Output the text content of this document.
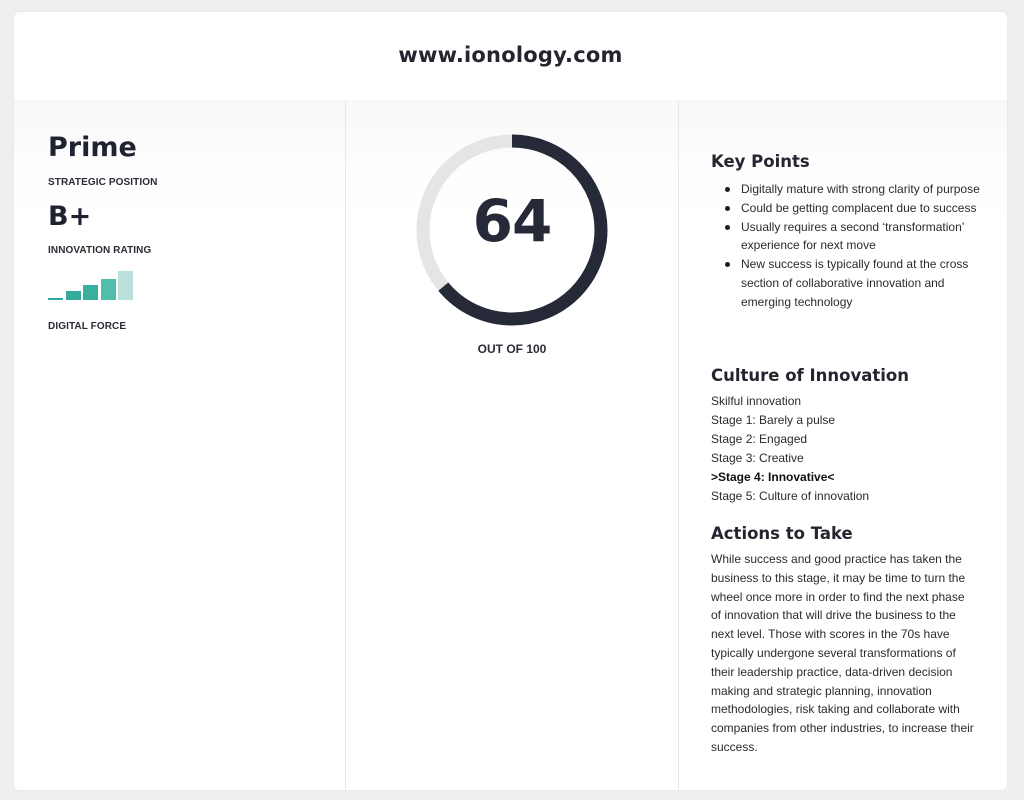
www.ionology.com
Prime
STRATEGIC POSITION
B+
INNOVATION RATING
DIGITAL FORCE
64
OUT OF 100
Key Points
Digitally mature with strong clarity of purpose
Could be getting complacent due to success
Usually requires a second ‘transformation’ experience for next move
New success is typically found at the cross section of collaborative innovation and emerging technology
Culture of Innovation
Skilful innovation
Stage 1: Barely a pulse
Stage 2: Engaged
Stage 3: Creative
>Stage 4: Innovative<
Stage 5: Culture of innovation
Actions to Take
While success and good practice has taken the business to this stage, it may be time to turn the wheel once more in order to find the next phase of innovation that will drive the business to the next level. Those with scores in the 70s have typically undergone several transformations of their leadership practice, data-driven decision making and strategic planning, innovation methodologies, risk taking and collaborate with companies from other industries, to increase their success.
